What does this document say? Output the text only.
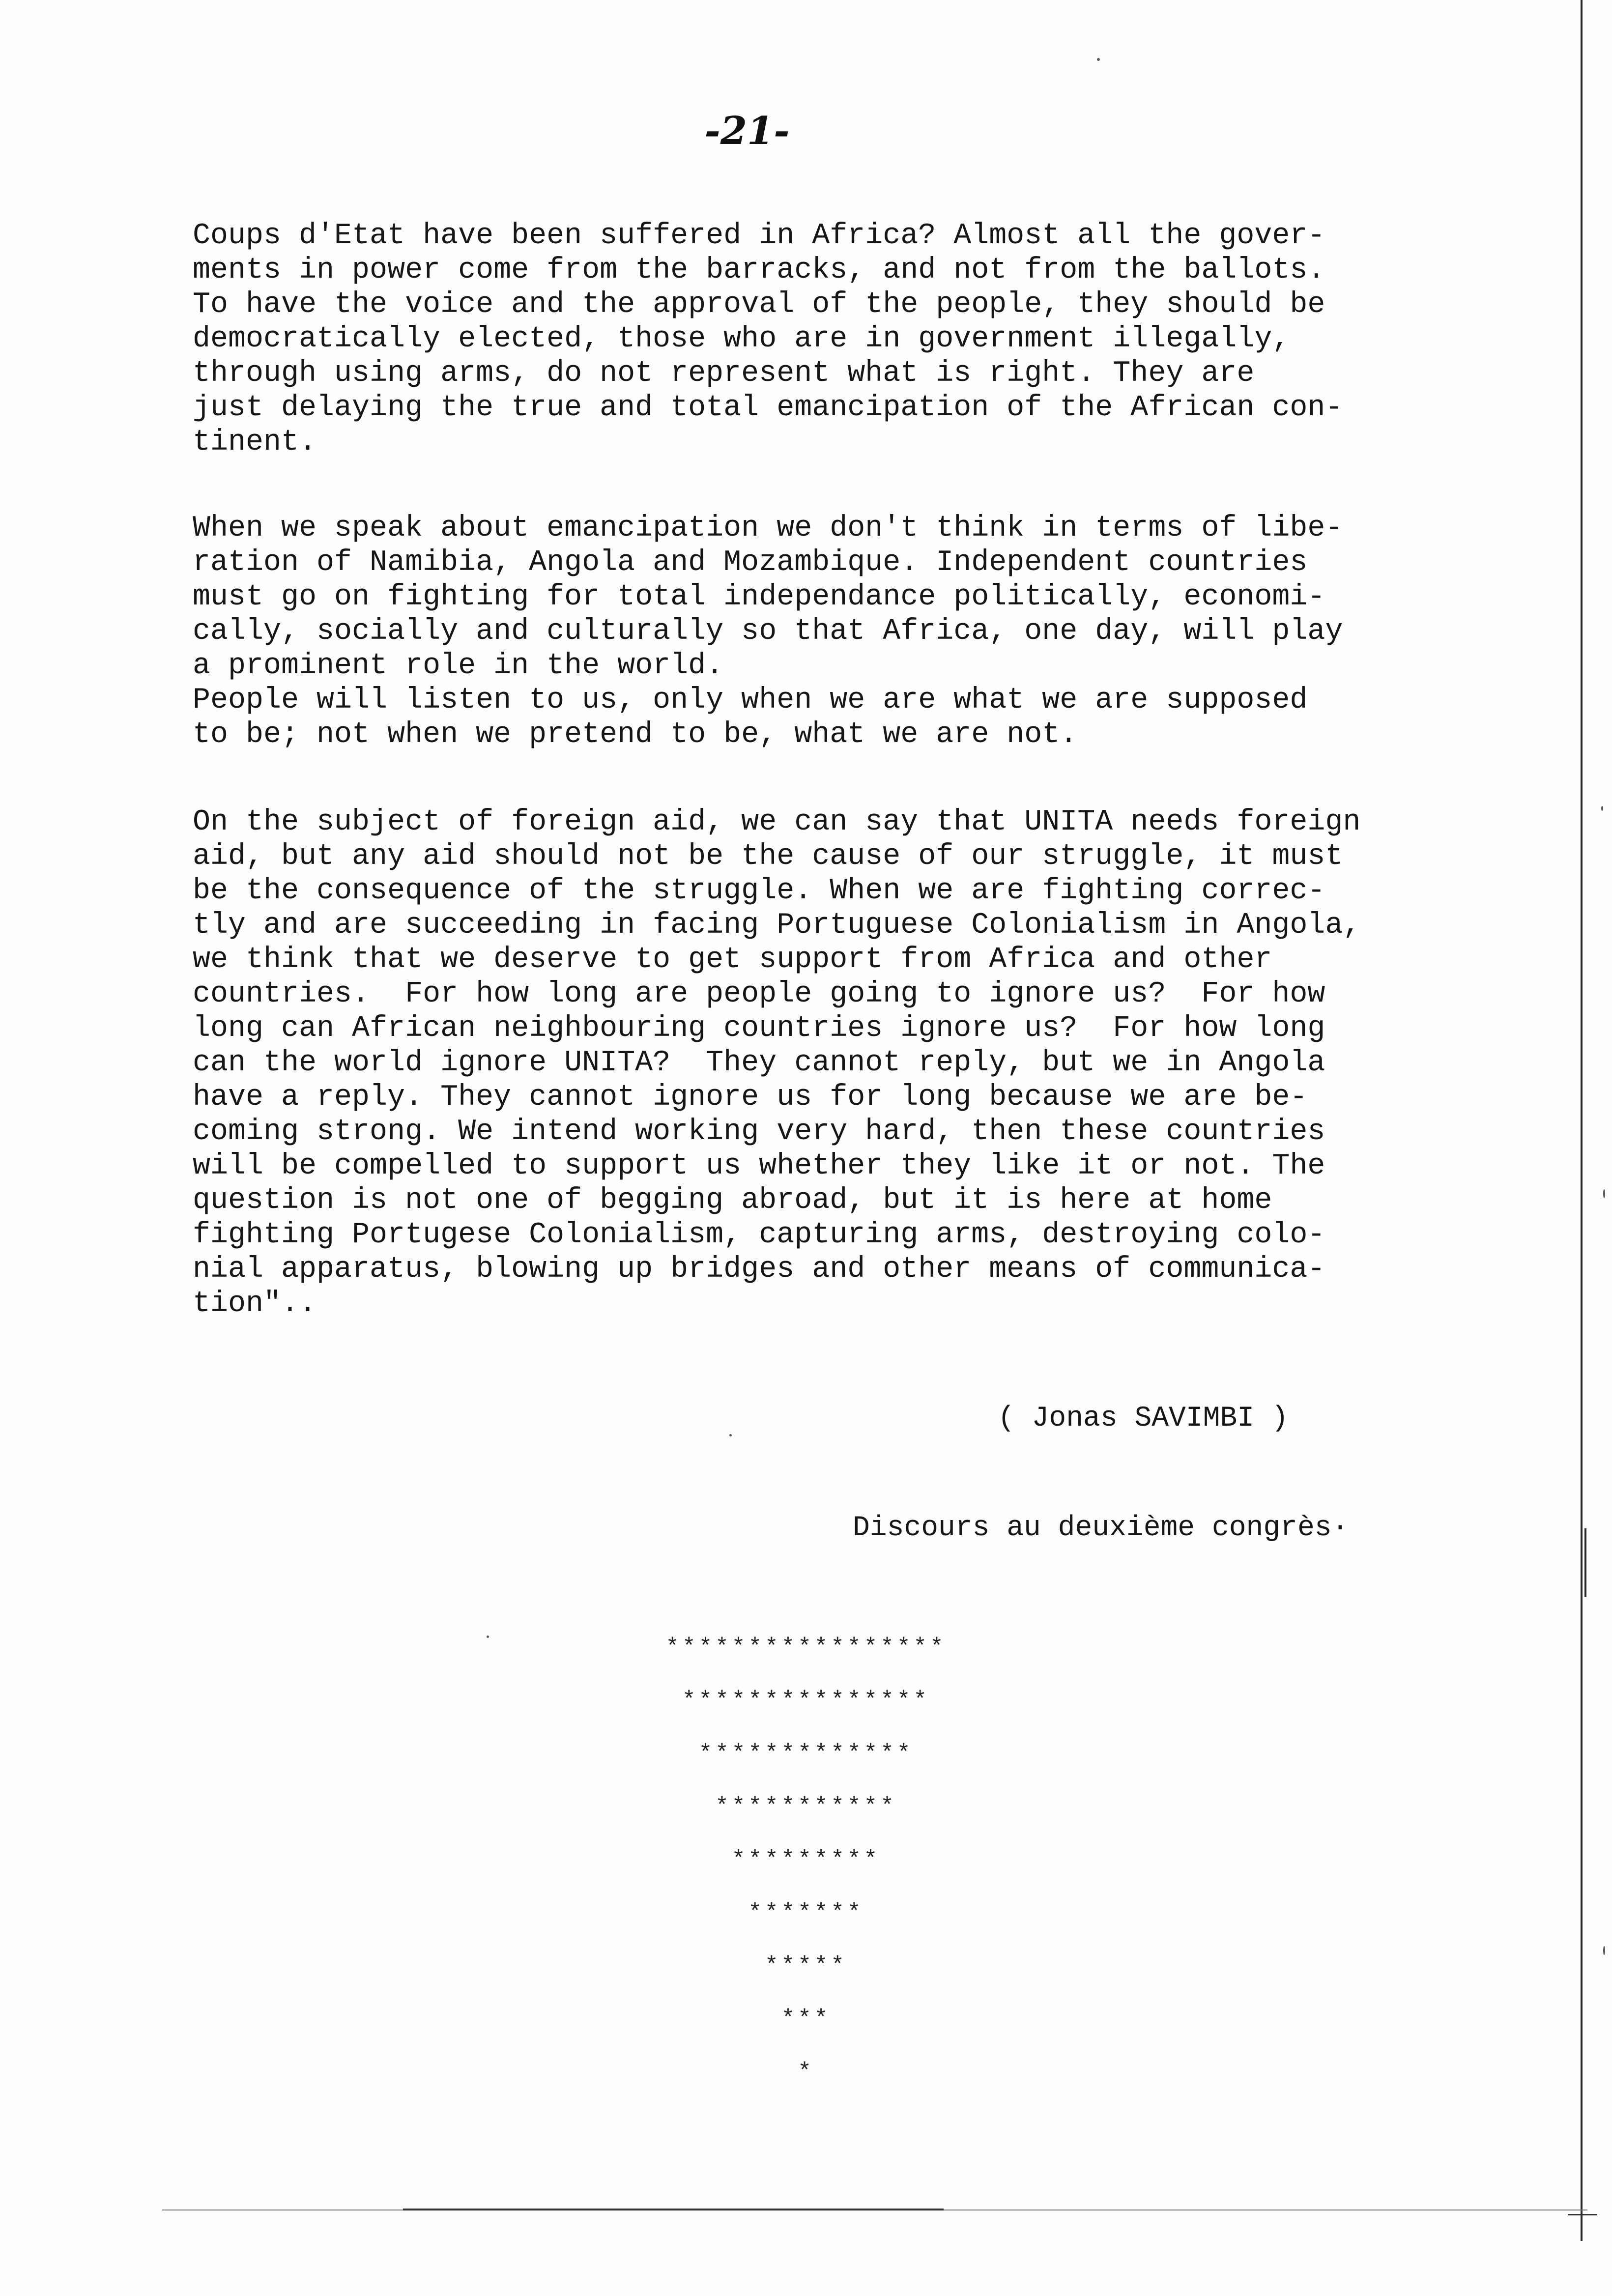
-21-
Coups d'Etat have been suffered in Africa? Almost all the gover-
ments in power come from the barracks, and not from the ballots.
To have the voice and the approval of the people, they should be
democratically elected, those who are in government illegally,
through using arms, do not represent what is right. They are
just delaying the true and total emancipation of the African con-
tinent.
When we speak about emancipation we don't think in terms of libe-
ration of Namibia, Angola and Mozambique. Independent countries
must go on fighting for total independance politically, economi-
cally, socially and culturally so that Africa, one day, will play
a prominent role in the world.
People will listen to us, only when we are what we are supposed
to be; not when we pretend to be, what we are not.
On the subject of foreign aid, we can say that UNITA needs foreign
aid, but any aid should not be the cause of our struggle, it must
be the consequence of the struggle. When we are fighting correc-
tly and are succeeding in facing Portuguese Colonialism in Angola,
we think that we deserve to get support from Africa and other
countries.  For how long are people going to ignore us?  For how
long can African neighbouring countries ignore us?  For how long
can the world ignore UNITA?  They cannot reply, but we in Angola
have a reply. They cannot ignore us for long because we are be-
coming strong. We intend working very hard, then these countries
will be compelled to support us whether they like it or not. The
question is not one of begging abroad, but it is here at home
fighting Portugese Colonialism, capturing arms, destroying colo-
nial apparatus, blowing up bridges and other means of communica-
tion"..
( Jonas SAVIMBI )
Discours au deuxième congrès·
*****************
***************
*************
***********
*********
*******
*****
***
*
